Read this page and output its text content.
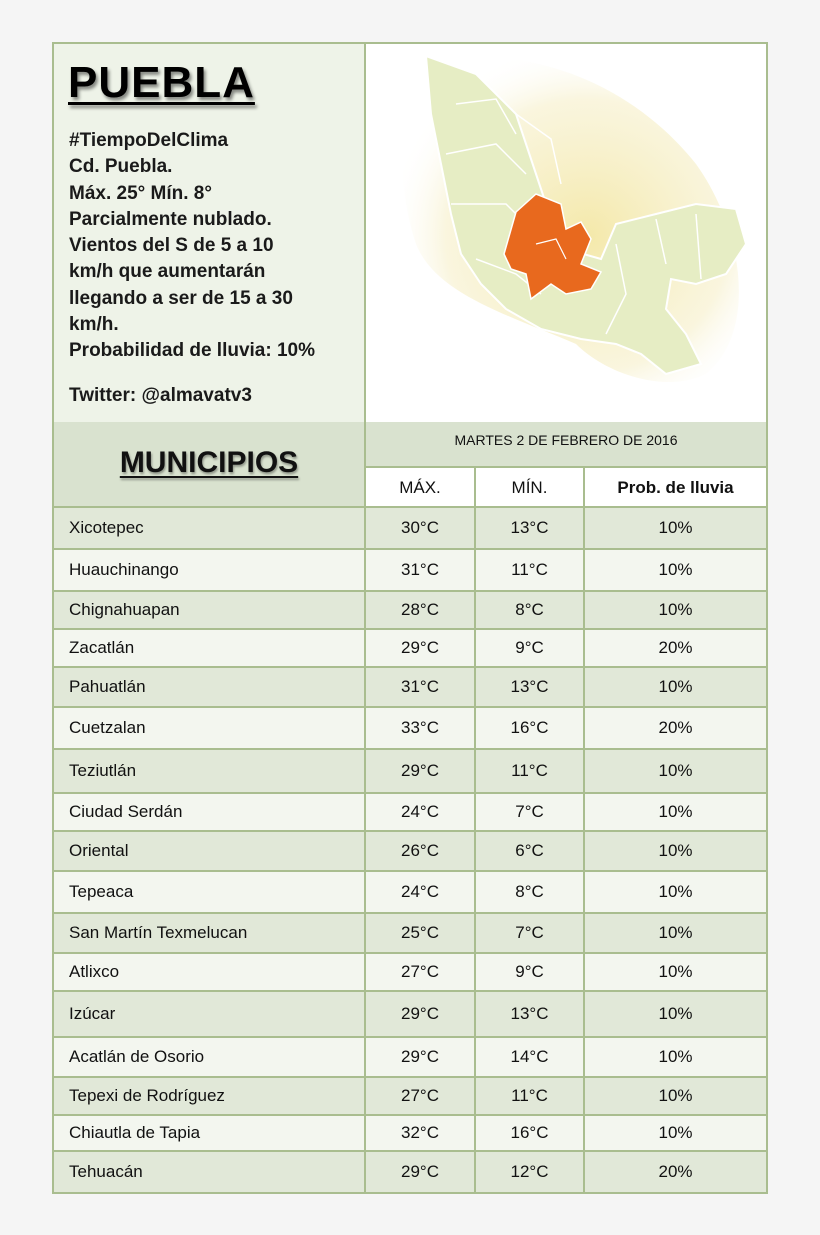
PUEBLA
#TiempoDelClima
Cd. Puebla.
Máx. 25° Mín. 8°
Parcialmente nublado.
Vientos del S de 5 a 10
km/h que aumentarán
llegando a ser de 15 a 30
km/h.
Probabilidad de lluvia: 10%
Twitter: @almavatv3
MUNICIPIOS
MARTES 2 DE FEBRERO DE 2016
MÁX.	MÍN.	Prob. de lluvia
Xicotepec	30°C	13°C	10%
Huauchinango	31°C	11°C	10%
Chignahuapan	28°C	8°C	10%
Zacatlán	29°C	9°C	20%
Pahuatlán	31°C	13°C	10%
Cuetzalan	33°C	16°C	20%
Teziutlán	29°C	11°C	10%
Ciudad Serdán	24°C	7°C	10%
Oriental	26°C	6°C	10%
Tepeaca	24°C	8°C	10%
San Martín Texmelucan	25°C	7°C	10%
Atlixco	27°C	9°C	10%
Izúcar	29°C	13°C	10%
Acatlán de Osorio	29°C	14°C	10%
Tepexi de Rodríguez	27°C	11°C	10%
Chiautla de Tapia	32°C	16°C	10%
Tehuacán	29°C	12°C	20%
